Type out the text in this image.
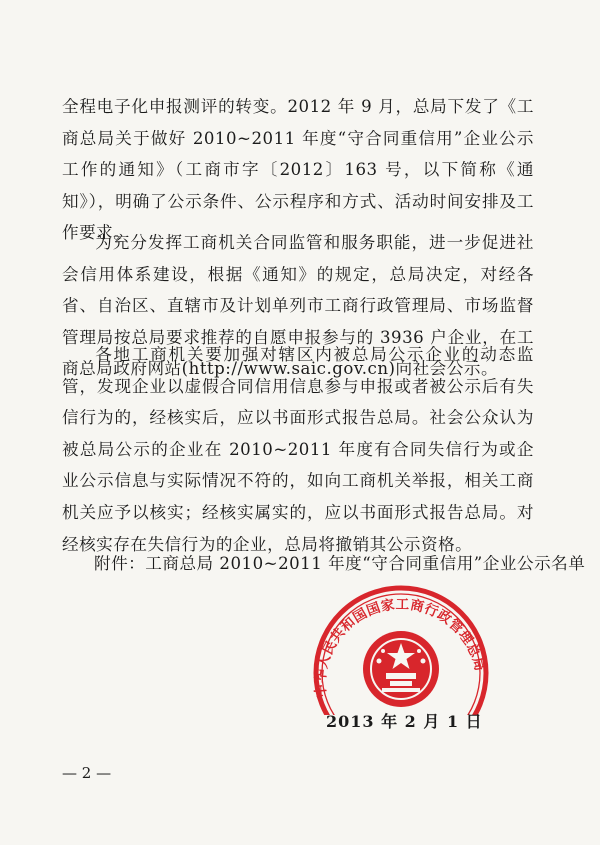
全程电子化申报测评的转变。2012 年 9 月，总局下发了《工商总局关于做好 2010~2011 年度“守合同重信用”企业公示工作的通知》（工商市字〔2012〕163 号，以下简称《通知》），明确了公示条件、公示程序和方式、活动时间安排及工作要求。

为充分发挥工商机关合同监管和服务职能，进一步促进社会信用体系建设，根据《通知》的规定，总局决定，对经各省、自治区、直辖市及计划单列市工商行政管理局、市场监督管理局按总局要求推荐的自愿申报参与的 3936 户企业，在工商总局政府网站(http://www.saic.gov.cn)向社会公示。

各地工商机关要加强对辖区内被总局公示企业的动态监管，发现企业以虚假合同信用信息参与申报或者被公示后有失信行为的，经核实后，应以书面形式报告总局。社会公众认为被总局公示的企业在 2010~2011 年度有合同失信行为或企业公示信息与实际情况不符的，如向工商机关举报，相关工商机关应予以核实；经核实属实的，应以书面形式报告总局。对经核实存在失信行为的企业，总局将撤销其公示资格。

附件：工商总局 2010~2011 年度“守合同重信用”企业公示名单
中华人民共和国国家工商行政管理总局
2013 年 2 月 1 日
— 2 —
